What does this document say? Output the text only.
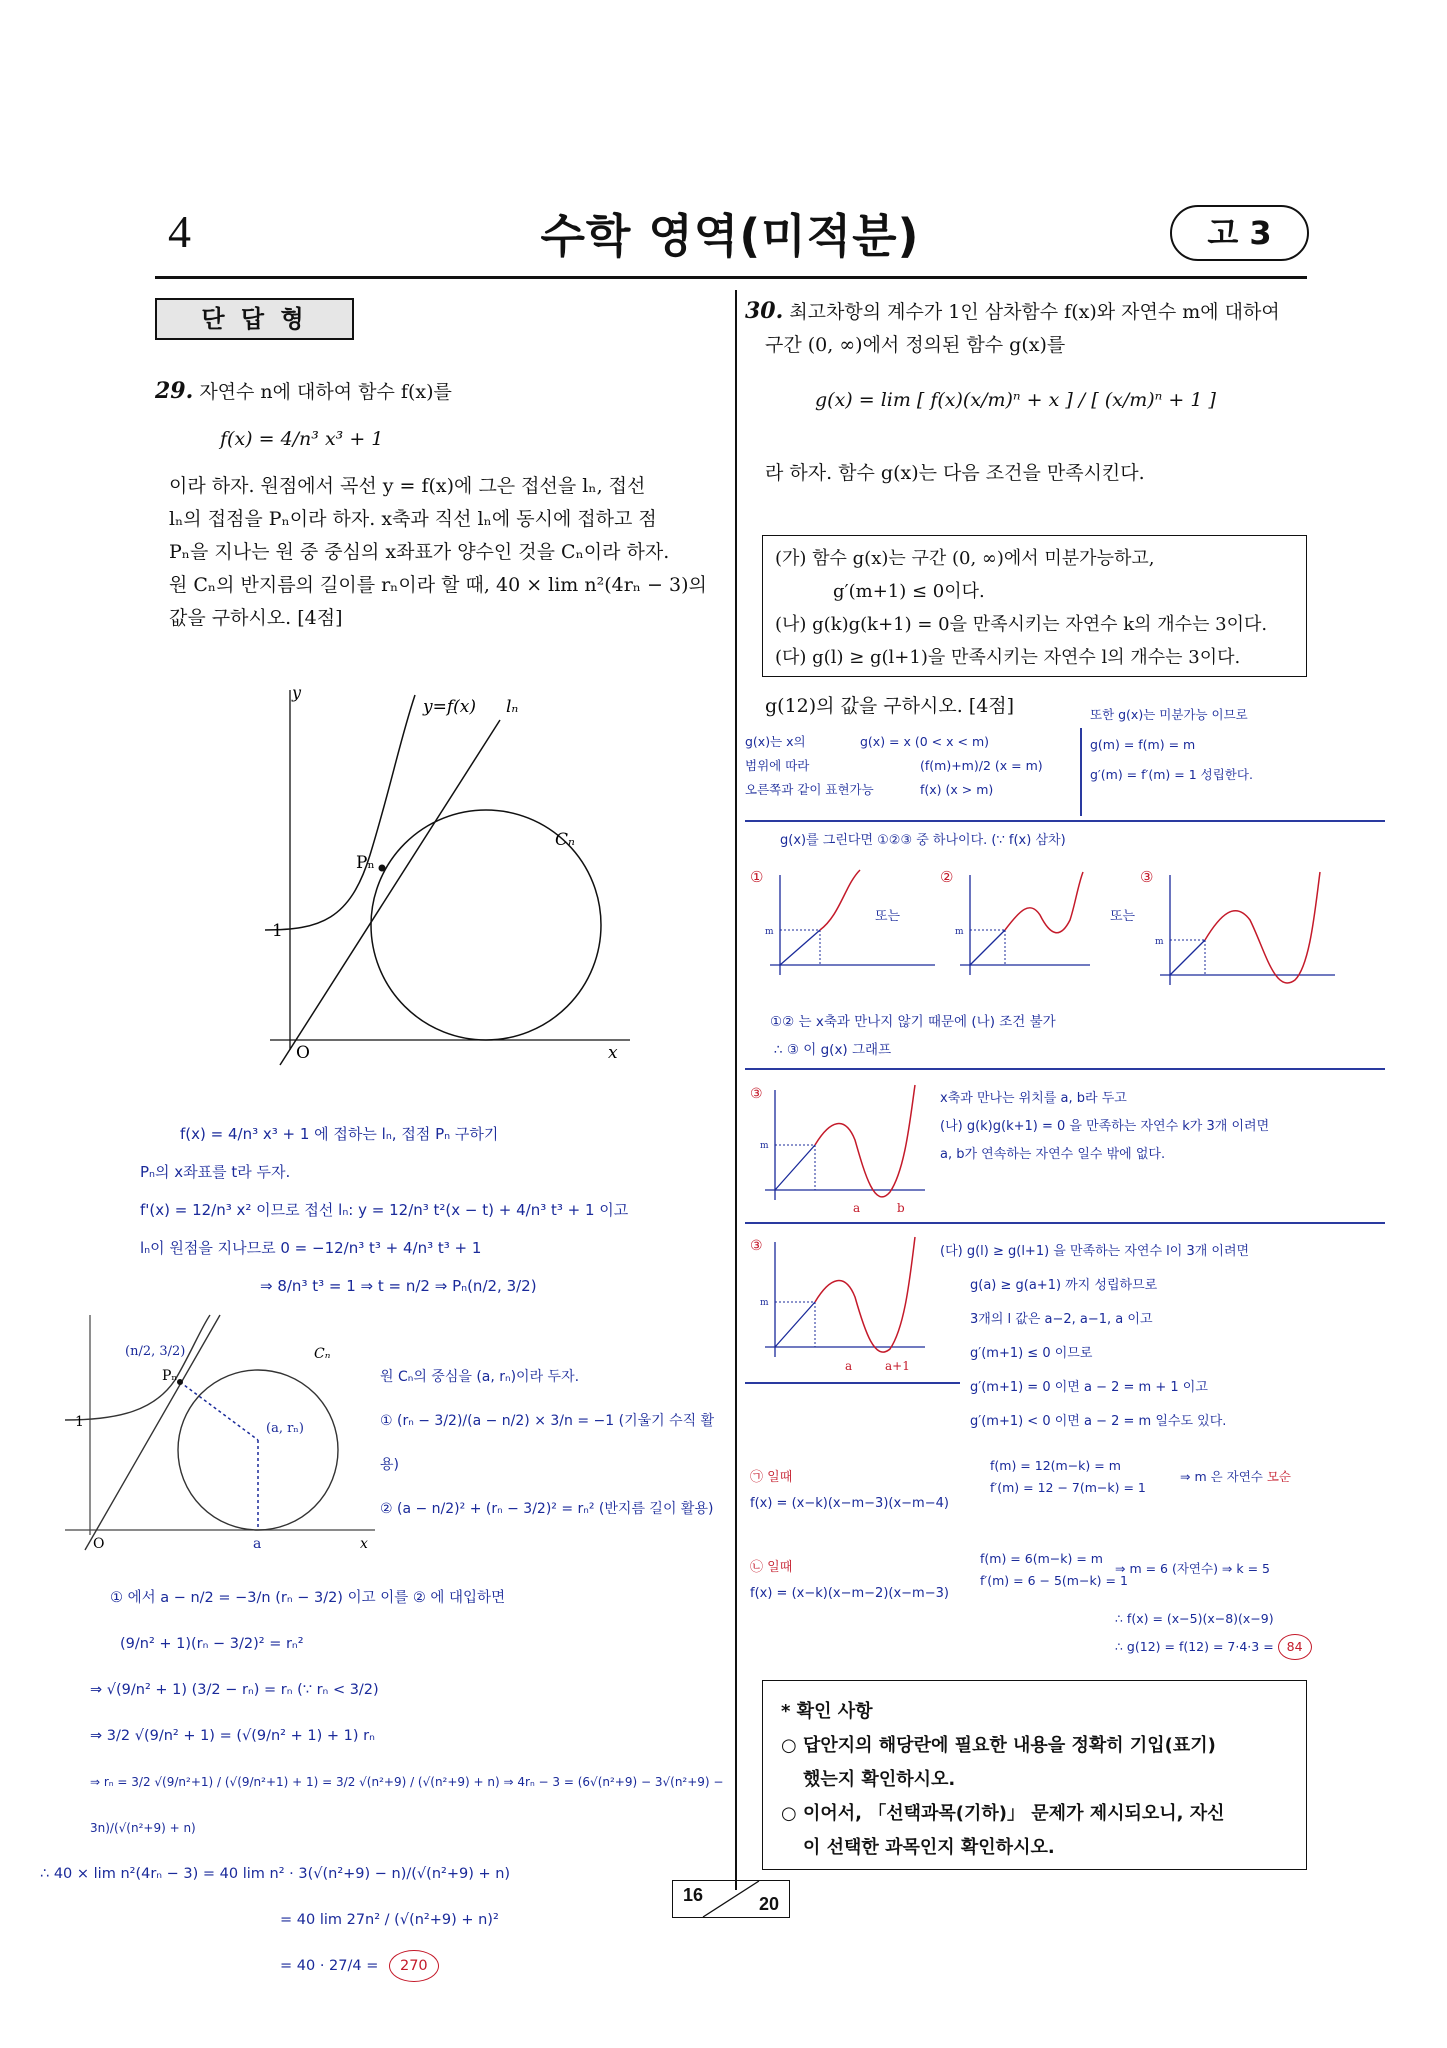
4	수학 영역(미적분)	고 3
단 답 형
29. 자연수 n에 대하여 함수 f(x)를
f(x) = 4/n³ x³ + 1
이라 하자. 원점에서 곡선 y = f(x)에 그은 접선을 lₙ, 접선
lₙ의 접점을 Pₙ이라 하자. x축과 직선 lₙ에 동시에 접하고 점
Pₙ을 지나는 원 중 중심의 x좌표가 양수인 것을 Cₙ이라 하자.
원 Cₙ의 반지름의 길이를 rₙ이라 할 때, 40 × lim n²(4rₙ − 3)의
값을 구하시오. [4점]
y
y=f(x) lₙ
Cₙ
Pₙ
1
O	x
f(x) = 4/n³ x³ + 1 에 접하는 lₙ, 접점 Pₙ 구하기
Pₙ의 x좌표를 t라 두자.
f'(x) = 12/n³ x² 이므로 접선 lₙ: y = 12/n³ t²(x − t) + 4/n³ t³ + 1 이고
lₙ이 원점을 지나므로 0 = −12/n³ t³ + 4/n³ t³ + 1
⇒ 8/n³ t³ = 1 ⇒ t = n/2 ⇒ Pₙ(n/2, 3/2)
(n/2, 3/2)
Pₙ
(a, rₙ)
Cₙ
a
1
O	x
원 Cₙ의 중심을 (a, rₙ)이라 두자.
① (rₙ − 3/2)/(a − n/2) × 3/n = −1 (기울기 수직 활용)
② (a − n/2)² + (rₙ − 3/2)² = rₙ² (반지름 길이 활용)
① 에서 a − n/2 = −3/n (rₙ − 3/2) 이고 이를 ② 에 대입하면
(9/n² + 1)(rₙ − 3/2)² = rₙ²
⇒ √(9/n² + 1) (3/2 − rₙ) = rₙ (∵ rₙ < 3/2)
⇒ 3/2 √(9/n² + 1) = (√(9/n² + 1) + 1) rₙ
⇒ rₙ = 3/2 √(9/n²+1) / (√(9/n²+1) + 1) = 3/2 √(n²+9) / (√(n²+9) + n) ⇒ 4rₙ − 3 = (6√(n²+9) − 3√(n²+9) − 3n)/(√(n²+9) + n)
∴ 40 × lim n²(4rₙ − 3) = 40 lim n² · 3(√(n²+9) − n)/(√(n²+9) + n)
= 40 lim 27n² / (√(n²+9) + n)²
= 40 · 27/4 = 270
30. 최고차항의 계수가 1인 삼차함수 f(x)와 자연수 m에 대하여
구간 (0, ∞)에서 정의된 함수 g(x)를
g(x) = lim [ f(x)(x/m)ⁿ + x ] / [ (x/m)ⁿ + 1 ]
라 하자. 함수 g(x)는 다음 조건을 만족시킨다.
(가) 함수 g(x)는 구간 (0, ∞)에서 미분가능하고,
g′(m+1) ≤ 0이다.
(나) g(k)g(k+1) = 0을 만족시키는 자연수 k의 개수는 3이다.
(다) g(l) ≥ g(l+1)을 만족시키는 자연수 l의 개수는 3이다.
g(12)의 값을 구하시오. [4점]
g(x)는 x의
범위에 따라
오른쪽과 같이 표현가능
g(x) = x (0 < x < m)
(f(m)+m)/2 (x = m)
f(x) (x > m)
또한 g(x)는 미분가능 이므로
g(m) = f(m) = m
g′(m) = f′(m) = 1 성립한다.
g(x)를 그린다면 ①②③ 중 하나이다. (∵ f(x) 삼차)
①
m
또는
②
m
또는
③
m
①② 는 x축과 만나지 않기 때문에 (나) 조건 불가
∴ ③ 이 g(x) 그래프
③
m
a	b
x축과 만나는 위치를 a, b라 두고
(나) g(k)g(k+1) = 0 을 만족하는 자연수 k가 3개 이려면
a, b가 연속하는 자연수 일수 밖에 없다.
③
m
a	a+1
(다) g(l) ≥ g(l+1) 을 만족하는 자연수 l이 3개 이려면
g(a) ≥ g(a+1) 까지 성립하므로
3개의 l 값은 a−2, a−1, a 이고
g′(m+1) ≤ 0 이므로
g′(m+1) = 0 이면 a − 2 = m + 1 이고
g′(m+1) < 0 이면 a − 2 = m 일수도 있다.
㉠ 일때
f(x) = (x−k)(x−m−3)(x−m−4)
f(m) = 12(m−k) = m
f′(m) = 12 − 7(m−k) = 1
⇒ m 은 자연수 모순
㉡ 일때
f(x) = (x−k)(x−m−2)(x−m−3)
f(m) = 6(m−k) = m
f′(m) = 6 − 5(m−k) = 1
⇒ m = 6 (자연수) ⇒ k = 5
∴ f(x) = (x−5)(x−8)(x−9)
∴ g(12) = f(12) = 7·4·3 = 84
* 확인 사항
○ 답안지의 해당란에 필요한 내용을 정확히 기입(표기)
했는지 확인하시오.
○ 이어서, 「선택과목(기하)」 문제가 제시되오니, 자신
이 선택한 과목인지 확인하시오.
16	20
